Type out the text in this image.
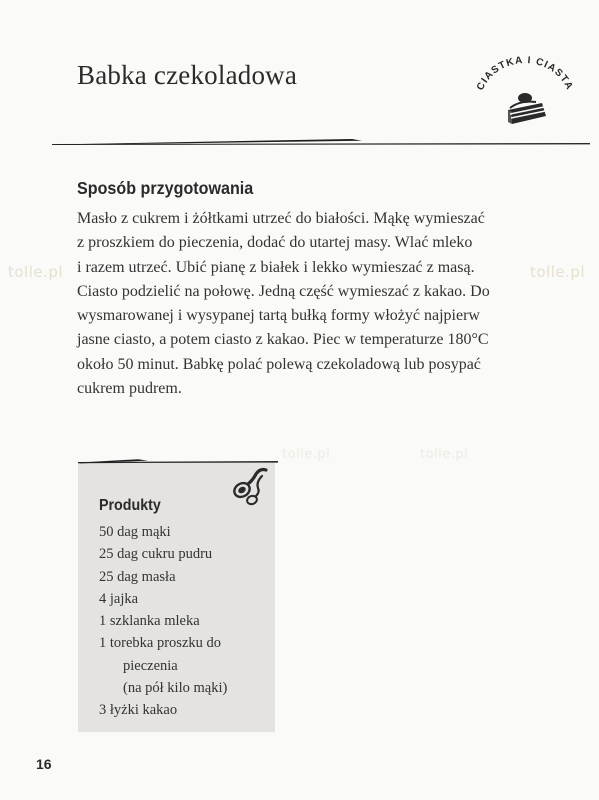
Babka czekoladowa	CIASTKA I CIASTA
Sposób przygotowania

Masło z cukrem i żółtkami utrzeć do białości. Mąkę wymieszać
z proszkiem do pieczenia, dodać do utartej masy. Wlać mleko
i razem utrzeć. Ubić pianę z białek i lekko wymieszać z masą.
Ciasto podzielić na połowę. Jedną część wymieszać z kakao. Do
wysmarowanej i wysypanej tartą bułką formy włożyć najpierw
jasne ciasto, a potem ciasto z kakao. Piec w temperaturze 180°C
około 50 minut. Babkę polać polewą czekoladową lub posypać
cukrem pudrem.

tolle.pl	tolle.pl
tolle.pl	tolle.pl
Produkty
50 dag mąki
25 dag cukru pudru
25 dag masła
4 jajka
1 szklanka mleka
1 torebka proszku do
pieczenia
(na pół kilo mąki)
3 łyżki kakao
16
